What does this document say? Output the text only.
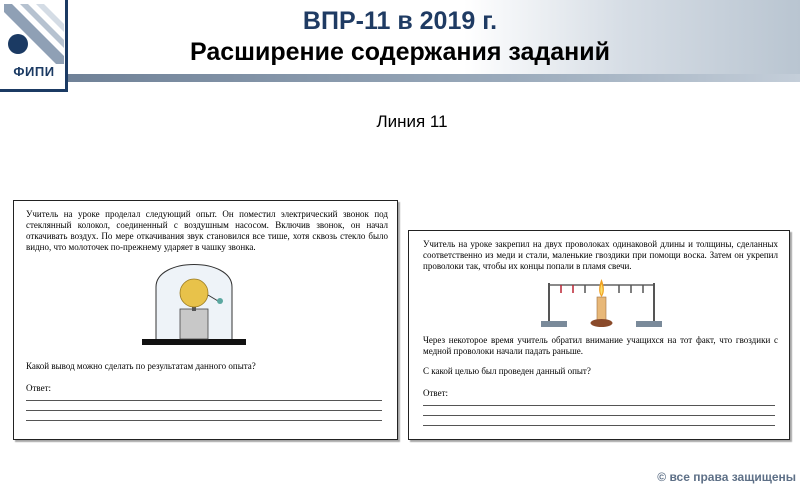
ФИПИ
ВПР-11 в 2019 г.
Расширение содержания заданий
Линия 11
Учитель на уроке проделал следующий опыт. Он поместил электрический звонок под стеклянный колокол, соединенный с воздушным насосом. Включив звонок, он начал откачивать воздух. По мере откачивания звук становился все тише, хотя сквозь стекло было видно, что молоточек по-прежнему ударяет в чашку звонка.
Какой вывод можно сделать по результатам данного опыта?
Ответ:
Учитель на уроке закрепил на двух проволоках одинаковой длины и толщины, сделанных соответственно из меди и стали, маленькие гвоздики при помощи воска. Затем он укрепил проволоки так, чтобы их концы попали в пламя свечи.
Через некоторое время учитель обратил внимание учащихся на тот факт, что гвоздики с медной проволоки начали падать раньше.
С какой целью был проведен данный опыт?
Ответ:
© все права защищены
